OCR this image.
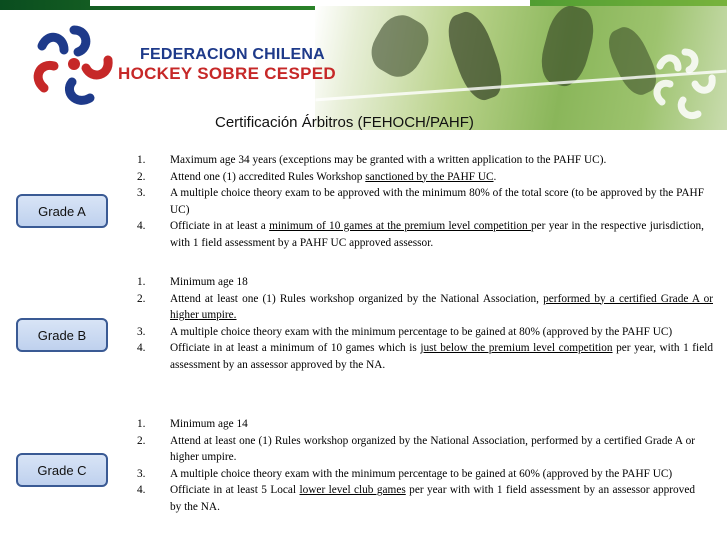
FEDERACION CHILENA
HOCKEY SOBRE CESPED
Certificación Árbitros (FEHOCH/PAHF)
Grade A
1.	Maximum age 34 years (exceptions may be granted with a written application to the PAHF UC).
2.	Attend one (1) accredited Rules Workshop sanctioned by the PAHF UC.
3.	A multiple choice theory exam to be approved with the minimum 80% of the total score (to be approved by the PAHF UC)
4.	Officiate in at least a minimum of 10 games at the premium level competition per year in the respective jurisdiction, with 1 field assessment by a PAHF UC approved assessor.
Grade B
1.	Minimum age 18
2.	Attend at least one (1) Rules workshop organized by the National Association, performed by a certified Grade A or higher umpire.
3.	A multiple choice theory exam with the minimum percentage to be gained at 80% (approved by the PAHF UC)
4.	Officiate in at least a minimum of 10 games which is just below the premium level competition per year, with 1 field assessment by an assessor approved by the NA.
Grade C
1.	Minimum age 14
2.	Attend at least one (1) Rules workshop organized by the National Association, performed by a certified Grade A or higher umpire.
3.	A multiple choice theory exam with the minimum percentage to be gained at 60% (approved by the PAHF UC)
4.	Officiate in at least 5 Local lower level club games per year with with 1 field assessment by an assessor approved by the NA.
